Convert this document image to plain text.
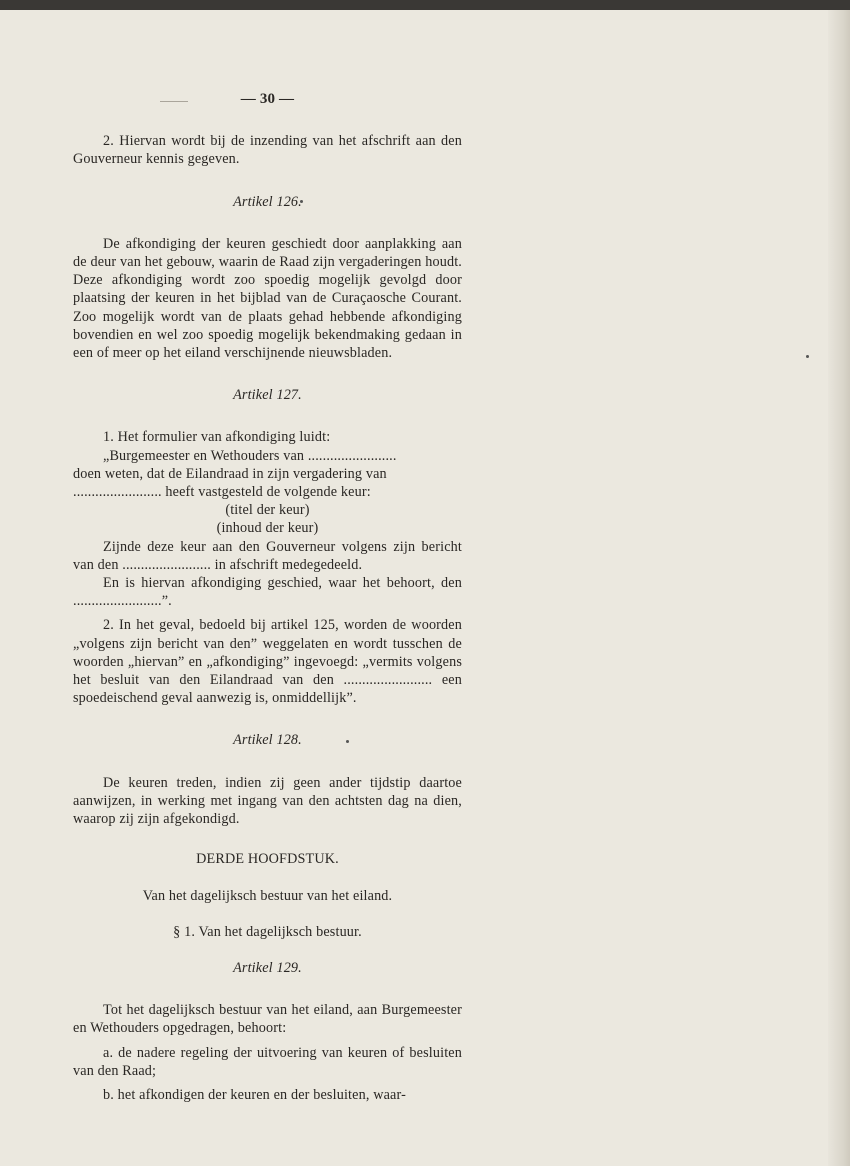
— 30 —

2. Hiervan wordt bij de inzending van het afschrift aan den Gouverneur kennis gegeven.

Artikel 126.

De afkondiging der keuren geschiedt door aanplakking aan de deur van het gebouw, waarin de Raad zijn vergaderingen houdt. Deze afkondiging wordt zoo spoedig mogelijk gevolgd door plaatsing der keuren in het bijblad van de Curaçaosche Courant. Zoo mogelijk wordt van de plaats gehad hebbende afkondiging bovendien en wel zoo spoedig mogelijk bekendmaking gedaan in een of meer op het eiland verschijnende nieuwsbladen.

Artikel 127.

1. Het formulier van afkondiging luidt:

„Burgemeester en Wethouders van ........................

doen weten, dat de Eilandraad in zijn vergadering van

........................ heeft vastgesteld de volgende keur:

(titel der keur)

(inhoud der keur)

Zijnde deze keur aan den Gouverneur volgens zijn bericht van den ........................ in afschrift medegedeeld.

En is hiervan afkondiging geschied, waar het behoort, den ........................”.

2. In het geval, bedoeld bij artikel 125, worden de woorden „volgens zijn bericht van den” weggelaten en wordt tusschen de woorden „hiervan” en „afkondiging” ingevoegd: „vermits volgens het besluit van den Eilandraad van den ........................ een spoedeischend geval aanwezig is, onmiddellijk”.

Artikel 128.

De keuren treden, indien zij geen ander tijdstip daartoe aanwijzen, in werking met ingang van den achtsten dag na dien, waarop zij zijn afgekondigd.

DERDE HOOFDSTUK.
Van het dagelijksch bestuur van het eiland.
§ 1. Van het dagelijksch bestuur.
Artikel 129.

Tot het dagelijksch bestuur van het eiland, aan Burgemeester en Wethouders opgedragen, behoort:

a. de nadere regeling der uitvoering van keuren of besluiten van den Raad;

b. het afkondigen der keuren en der besluiten, waar-
